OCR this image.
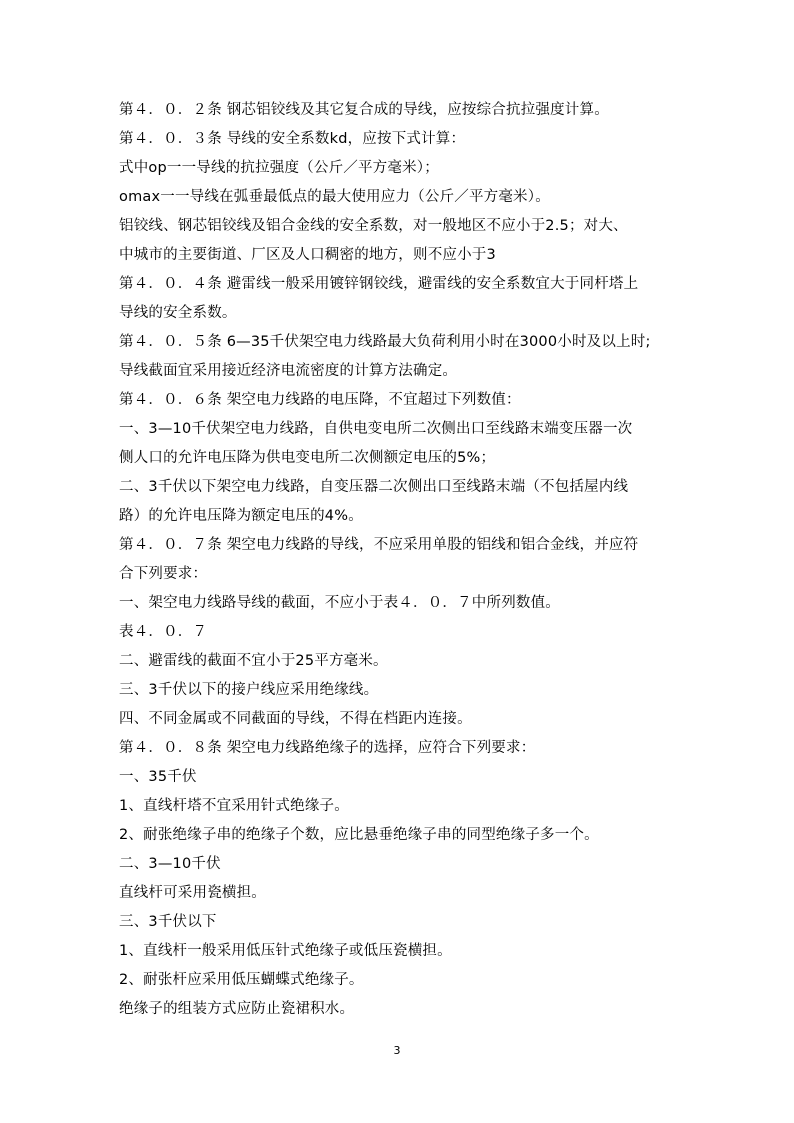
第４．０．２条 钢芯铝铰线及其它复合成的导线，应按综合抗拉强度计算。
第４．０．３条 导线的安全系数kd，应按下式计算：
式中op一一导线的抗拉强度（公斤／平方毫米）；
omax一一导线在弧垂最低点的最大使用应力（公斤／平方毫米）。
铝铰线、钢芯铝铰线及铝合金线的安全系数，对一般地区不应小于2.5；对大、
中城市的主要街道、厂区及人口稠密的地方，则不应小于3
第４．０．４条 避雷线一般采用镀锌钢铰线，避雷线的安全系数宜大于同杆塔上
导线的安全系数。
第４．０．５条 6—35千伏架空电力线路最大负荷利用小时在3000小时及以上时;
导线截面宜采用接近经济电流密度的计算方法确定。
第４．０．６条 架空电力线路的电压降，不宜超过下列数值：
一、3—10千伏架空电力线路，自供电变电所二次侧出口至线路末端变压器一次
侧人口的允许电压降为供电变电所二次侧额定电压的5%；
二、3千伏以下架空电力线路，自变压器二次侧出口至线路末端（不包括屋内线
路）的允许电压降为额定电压的4%。
第４．０．７条 架空电力线路的导线，不应采用单股的铝线和铝合金线，并应符
合下列要求：
一、架空电力线路导线的截面，不应小于表４．０．７中所列数值。
表４．０．７
二、避雷线的截面不宜小于25平方毫米。
三、3千伏以下的接户线应采用绝缘线。
四、不同金属或不同截面的导线，不得在档距内连接。
第４．０．８条 架空电力线路绝缘子的选择，应符合下列要求：
一、35千伏
1、直线杆塔不宜采用针式绝缘子。
2、耐张绝缘子串的绝缘子个数，应比悬垂绝缘子串的同型绝缘子多一个。
二、3—10千伏
直线杆可采用瓷横担。
三、3千伏以下
1、直线杆一般采用低压针式绝缘子或低压瓷横担。
2、耐张杆应采用低压蝴蝶式绝缘子。
绝缘子的组装方式应防止瓷裙积水。
3
